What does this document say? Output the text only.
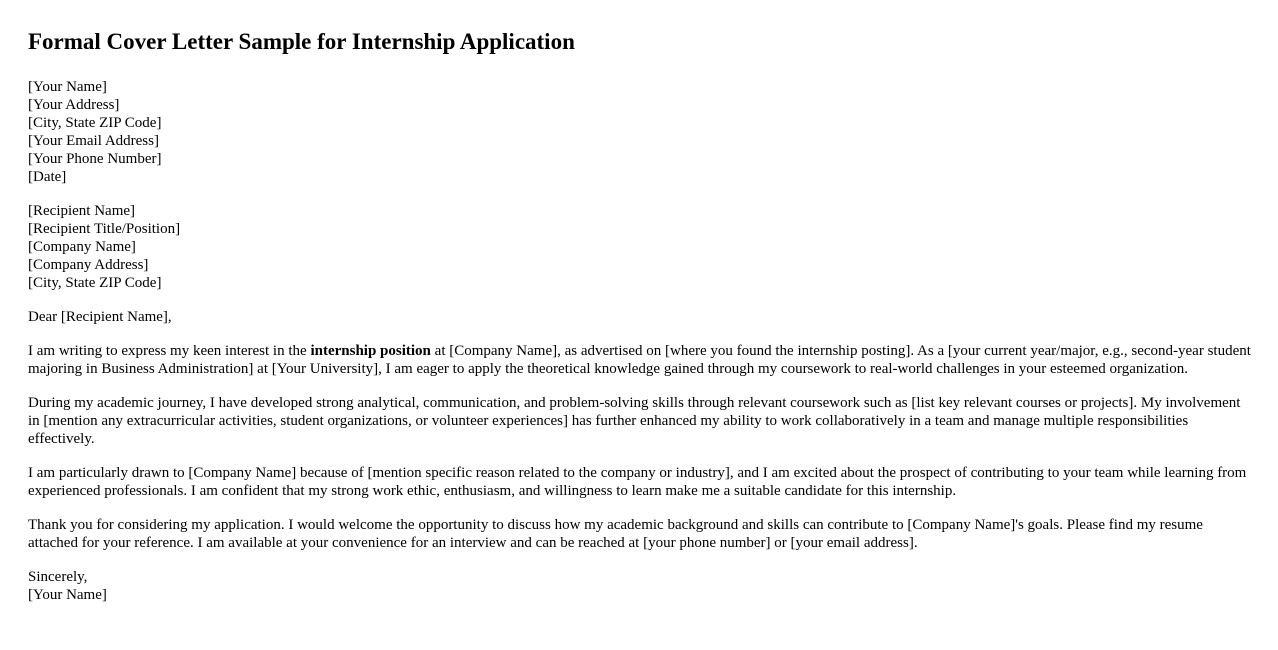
Formal Cover Letter Sample for Internship Application
[Your Name]
[Your Address]
[City, State ZIP Code]
[Your Email Address]
[Your Phone Number]
[Date]
[Recipient Name]
[Recipient Title/Position]
[Company Name]
[Company Address]
[City, State ZIP Code]

Dear [Recipient Name],

I am writing to express my keen interest in the internship position at [Company Name], as advertised on [where you found the internship posting]. As a [your current year/major, e.g., second-year student majoring in Business Administration] at [Your University], I am eager to apply the theoretical knowledge gained through my coursework to real-world challenges in your esteemed organization.

During my academic journey, I have developed strong analytical, communication, and problem-solving skills through relevant coursework such as [list key relevant courses or projects]. My involvement in [mention any extracurricular activities, student organizations, or volunteer experiences] has further enhanced my ability to work collaboratively in a team and manage multiple responsibilities effectively.

I am particularly drawn to [Company Name] because of [mention specific reason related to the company or industry], and I am excited about the prospect of contributing to your team while learning from experienced professionals. I am confident that my strong work ethic, enthusiasm, and willingness to learn make me a suitable candidate for this internship.

Thank you for considering my application. I would welcome the opportunity to discuss how my academic background and skills can contribute to [Company Name]'s goals. Please find my resume attached for your reference. I am available at your convenience for an interview and can be reached at [your phone number] or [your email address].

Sincerely,
[Your Name]
